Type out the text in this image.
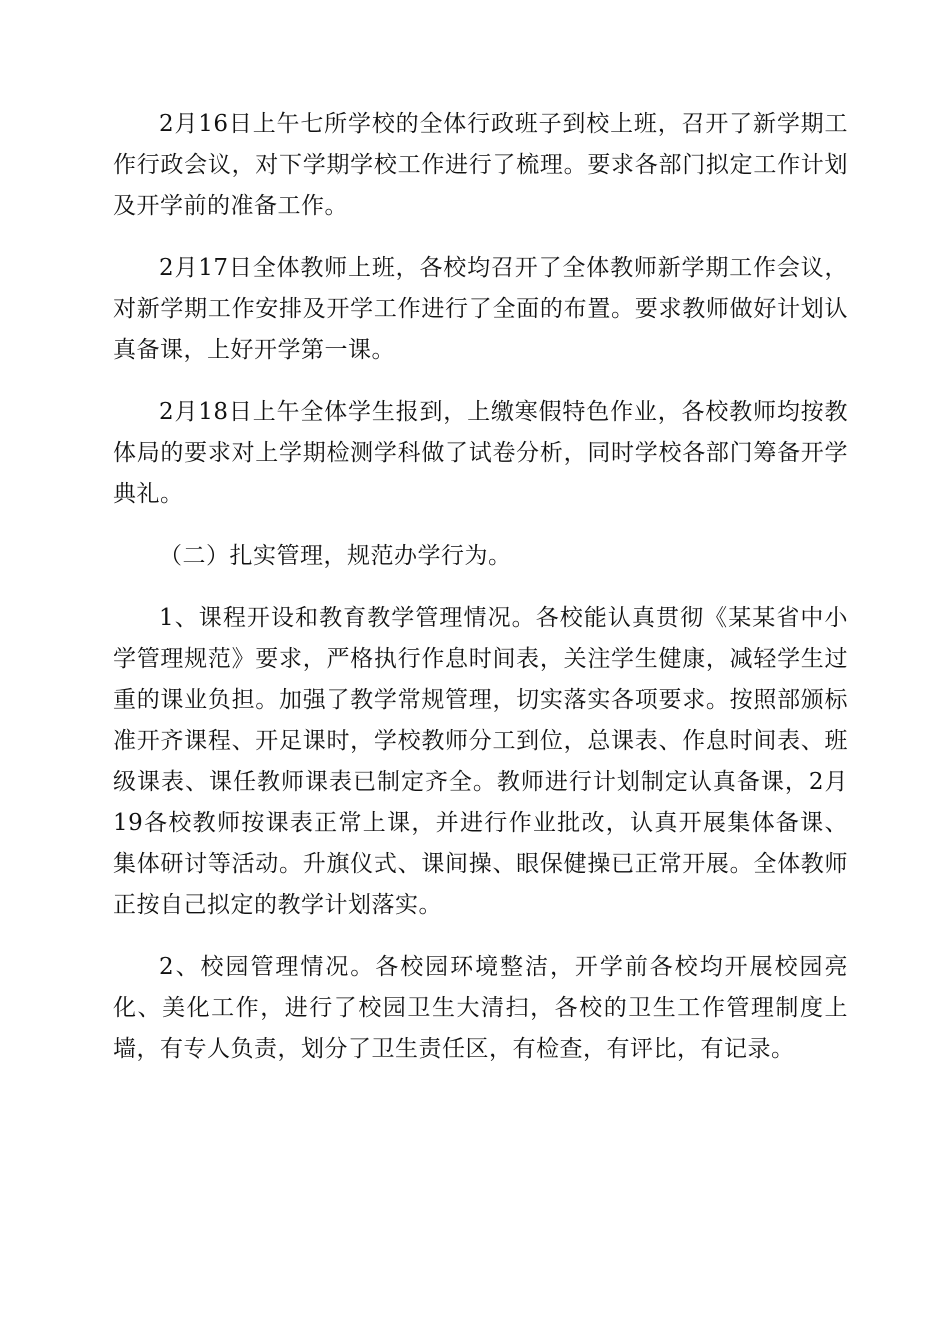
2月16日上午七所学校的全体行政班子到校上班，召开了新学期工作行政会议，对下学期学校工作进行了梳理。要求各部门拟定工作计划及开学前的准备工作。

2月17日全体教师上班，各校均召开了全体教师新学期工作会议，对新学期工作安排及开学工作进行了全面的布置。要求教师做好计划认真备课，上好开学第一课。

2月18日上午全体学生报到，上缴寒假特色作业，各校教师均按教体局的要求对上学期检测学科做了试卷分析，同时学校各部门筹备开学典礼。

（二）扎实管理，规范办学行为。

1、课程开设和教育教学管理情况。各校能认真贯彻《某某省中小学管理规范》要求，严格执行作息时间表，关注学生健康，减轻学生过重的课业负担。加强了教学常规管理，切实落实各项要求。按照部颁标准开齐课程、开足课时，学校教师分工到位，总课表、作息时间表、班级课表、课任教师课表已制定齐全。教师进行计划制定认真备课，2月19各校教师按课表正常上课，并进行作业批改，认真开展集体备课、集体研讨等活动。升旗仪式、课间操、眼保健操已正常开展。全体教师正按自己拟定的教学计划落实。

2、校园管理情况。各校园环境整洁，开学前各校均开展校园亮化、美化工作，进行了校园卫生大清扫，各校的卫生工作管理制度上墙，有专人负责，划分了卫生责任区，有检查，有评比，有记录。
